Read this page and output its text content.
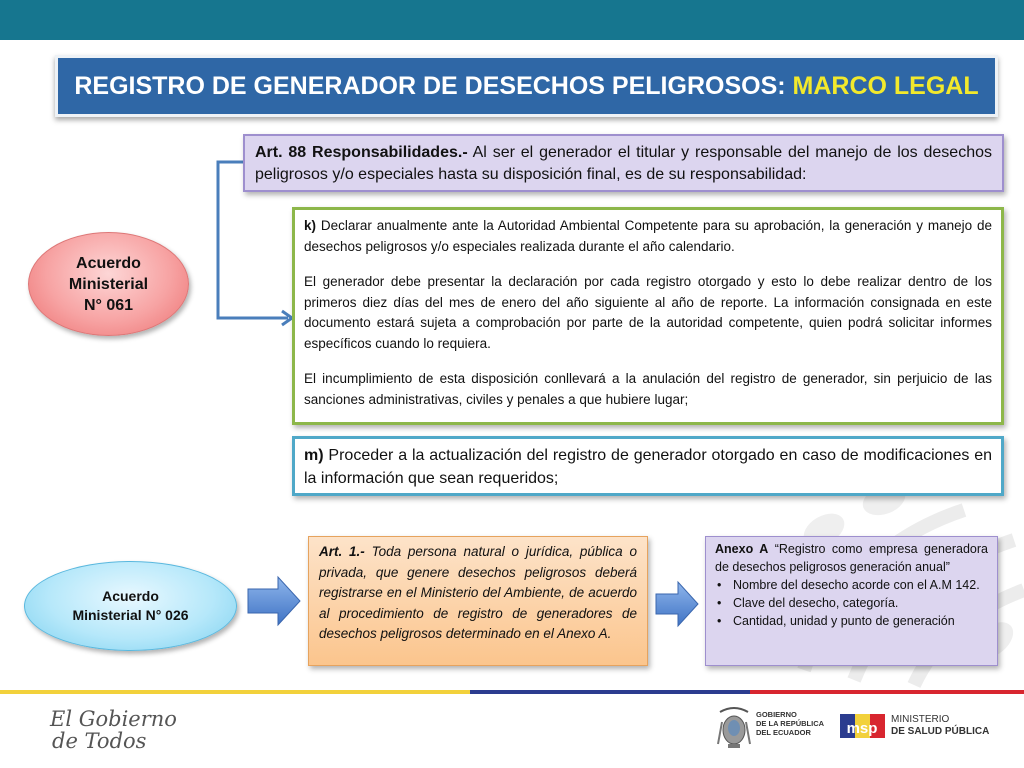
REGISTRO DE GENERADOR DE DESECHOS PELIGROSOS:
MARCO LEGAL
Acuerdo
Ministerial
N° 061
Art. 88 Responsabilidades.- Al ser el generador el titular y responsable del manejo de los desechos peligrosos y/o especiales hasta su disposición final, es de su responsabilidad:

k) Declarar anualmente ante la Autoridad Ambiental Competente para su aprobación, la generación y manejo de desechos peligrosos y/o especiales realizada durante el año calendario.

El generador debe presentar la declaración por cada registro otorgado y esto lo debe realizar dentro de los primeros diez días del mes de enero del año siguiente al año de reporte. La información consignada en este documento estará sujeta a comprobación por parte de la autoridad competente, quien podrá solicitar informes específicos cuando lo requiera.

El incumplimiento de esta disposición conllevará a la anulación del registro de generador, sin perjuicio de las sanciones administrativas, civiles y penales a que hubiere lugar;

m) Proceder a la actualización del registro de generador otorgado en caso de modificaciones en la información que sean requeridos;
Acuerdo
Ministerial N° 026
Art. 1.- Toda persona natural o jurídica, pública o privada, que genere desechos peligrosos deberá registrarse en el Ministerio del Ambiente, de acuerdo al procedimiento de registro de generadores de desechos peligrosos determinado en el Anexo A.
Anexo A “Registro como empresa generadora de desechos peligrosos generación anual”
• Nombre del desecho acorde con el A.M 142.
• Clave del desecho, categoría.
• Cantidad, unidad y punto de generación
El Gobierno
de Todos
GOBIERNO
DE LA REPÚBLICA
DEL ECUADOR	msp
MINISTERIO
DE SALUD PÚBLICA
